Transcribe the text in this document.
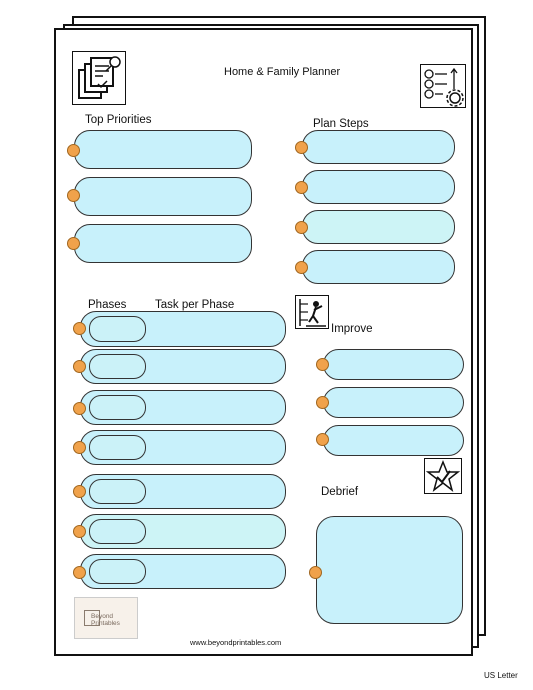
Home & Family Planner
Top Priorities	Plan Steps
Phases Task per Phase
Improve
Debrief
Beyond
Printables
www.beyondprintables.com
US Letter
